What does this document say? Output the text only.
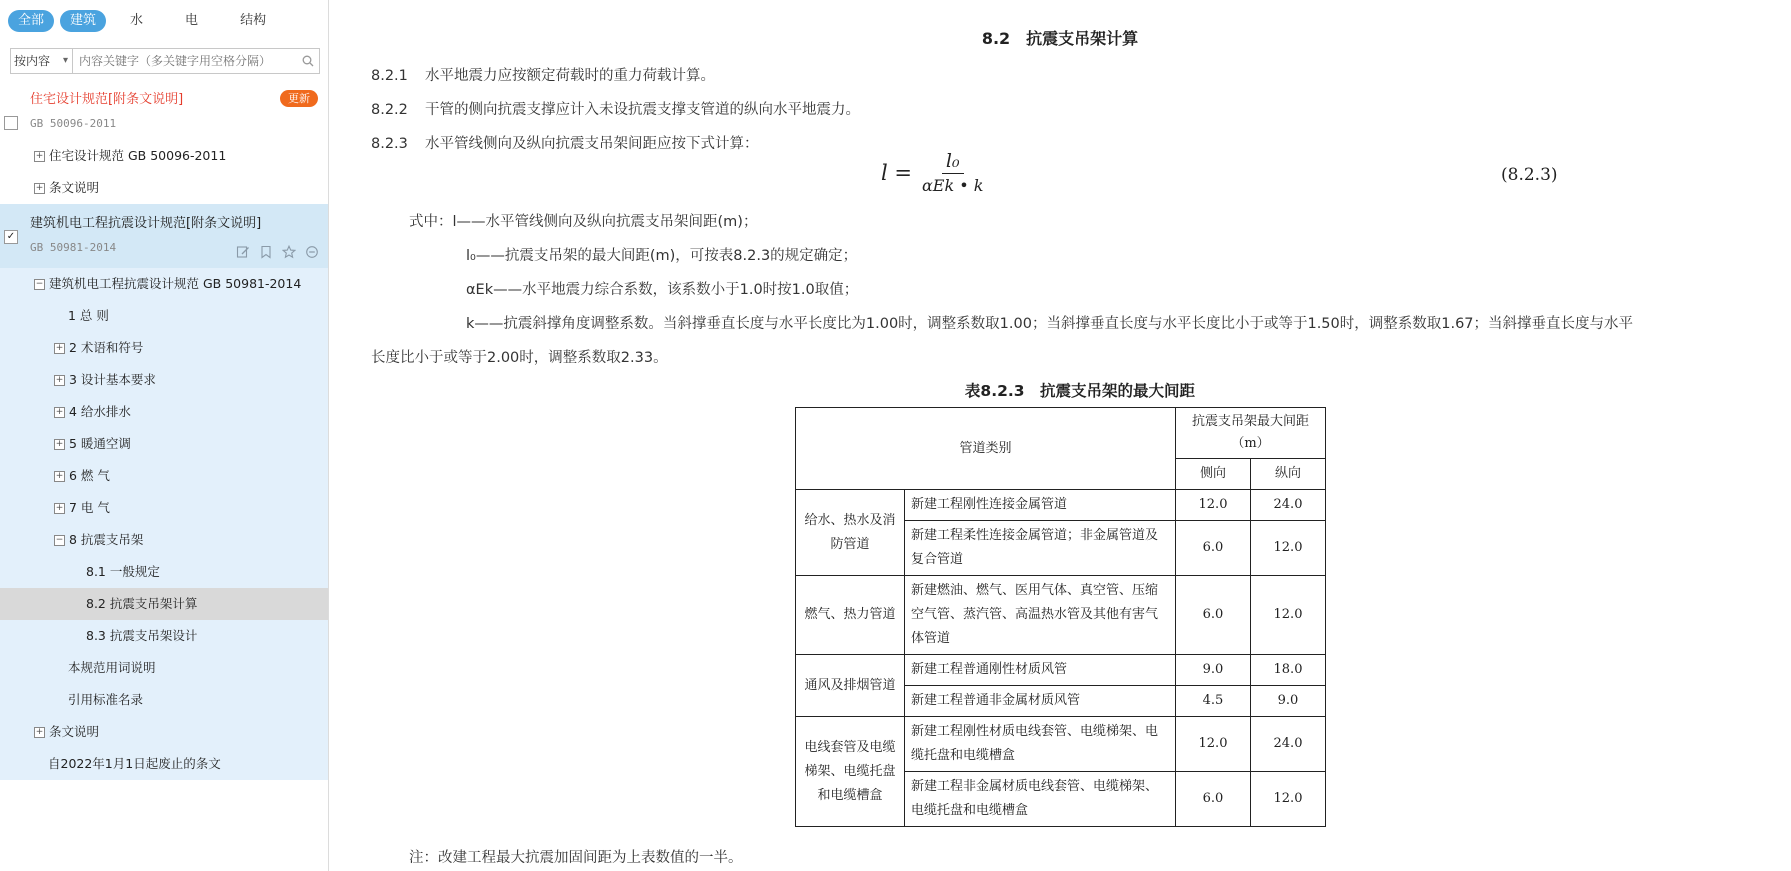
全部	建筑	水	电	结构
按内容 ▾
内容关键字（多关键字用空格分隔）
住宅设计规范[附条文说明]	更新
GB 50096-2011
+ 住宅设计规范 GB 50096-2011
+ 条文说明
✓
建筑机电工程抗震设计规范[附条文说明]
GB 50981-2014
− 建筑机电工程抗震设计规范 GB 50981-2014
1 总 则
+ 2 术语和符号
+ 3 设计基本要求
+ 4 给水排水
+ 5 暖通空调
+ 6 燃 气
+ 7 电 气
− 8 抗震支吊架
8.1 一般规定
8.2 抗震支吊架计算
8.3 抗震支吊架设计
本规范用词说明
引用标准名录
+ 条文说明
自2022年1月1日起废止的条文
8.2　抗震支吊架计算
8.2.1 水平地震力应按额定荷载时的重力荷载计算。
8.2.2 干管的侧向抗震支撑应计入未设抗震支撑支管道的纵向水平地震力。
8.2.3 水平管线侧向及纵向抗震支吊架间距应按下式计算：
$l = \frac{\text{l₀}}{\text{αEk • k}}$	(8.2.3)
式中：l——水平管线侧向及纵向抗震支吊架间距(m)；
l₀——抗震支吊架的最大间距(m)，可按表8.2.3的规定确定；
αEk——水平地震力综合系数，该系数小于1.0时按1.0取值；
k——抗震斜撑角度调整系数。当斜撑垂直长度与水平长度比为1.00时，调整系数取1.00；当斜撑垂直长度与水平长度比小于或等于1.50时，调整系数取1.67；当斜撑垂直长度与水平
长度比小于或等于2.00时，调整系数取2.33。
表8.2.3　抗震支吊架的最大间距
管道类别		抗震支吊架最大间距（m）	
		侧向	纵向
给水、热水及消防管道	新建工程刚性连接金属管道	12.0	24.0
	新建工程柔性连接金属管道；非金属管道及复合管道	6.0	12.0
燃气、热力管道	新建燃油、燃气、医用气体、真空管、压缩空气管、蒸汽管、高温热水管及其他有害气体管道	6.0	12.0
通风及排烟管道	新建工程普通刚性材质风管	9.0	18.0
	新建工程普通非金属材质风管	4.5	9.0
电线套管及电缆梯架、电缆托盘和电缆槽盒	新建工程刚性材质电线套管、电缆梯架、电缆托盘和电缆槽盒	12.0	24.0
	新建工程非金属材质电线套管、电缆梯架、电缆托盘和电缆槽盒	6.0	12.0
注：改建工程最大抗震加固间距为上表数值的一半。
